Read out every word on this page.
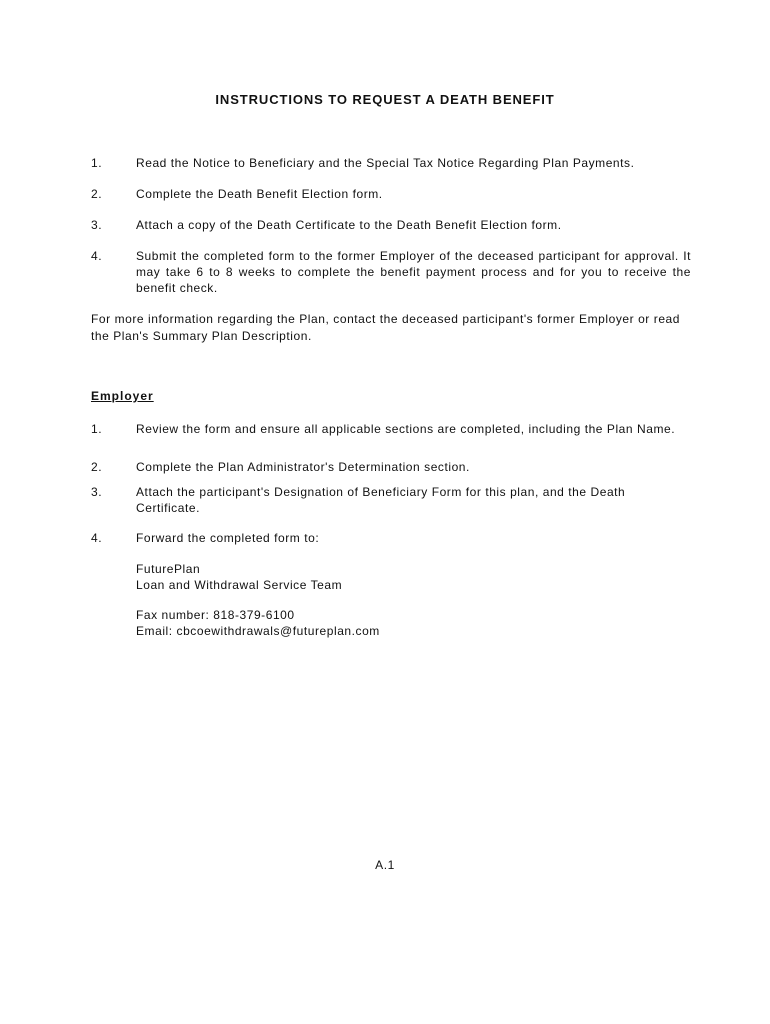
INSTRUCTIONS TO REQUEST A DEATH BENEFIT
1.	Read the Notice to Beneficiary and the Special Tax Notice Regarding Plan Payments.
2.	Complete the Death Benefit Election form.
3.	Attach a copy of the Death Certificate to the Death Benefit Election form.
4.	Submit the completed form to the former Employer of the deceased participant for approval. It may take 6 to 8 weeks to complete the benefit payment process and for you to receive the benefit check.
For more information regarding the Plan, contact the deceased participant's former Employer or read the Plan's Summary Plan Description.
Employer
1.	Review the form and ensure all applicable sections are completed, including the Plan Name.
2.	Complete the Plan Administrator's Determination section.
3.	Attach the participant's Designation of Beneficiary Form for this plan, and the Death Certificate.
4.	Forward the completed form to:
FuturePlan
Loan and Withdrawal Service Team
Fax number: 818-379-6100
Email: cbcoewithdrawals@futureplan.com
A.1
